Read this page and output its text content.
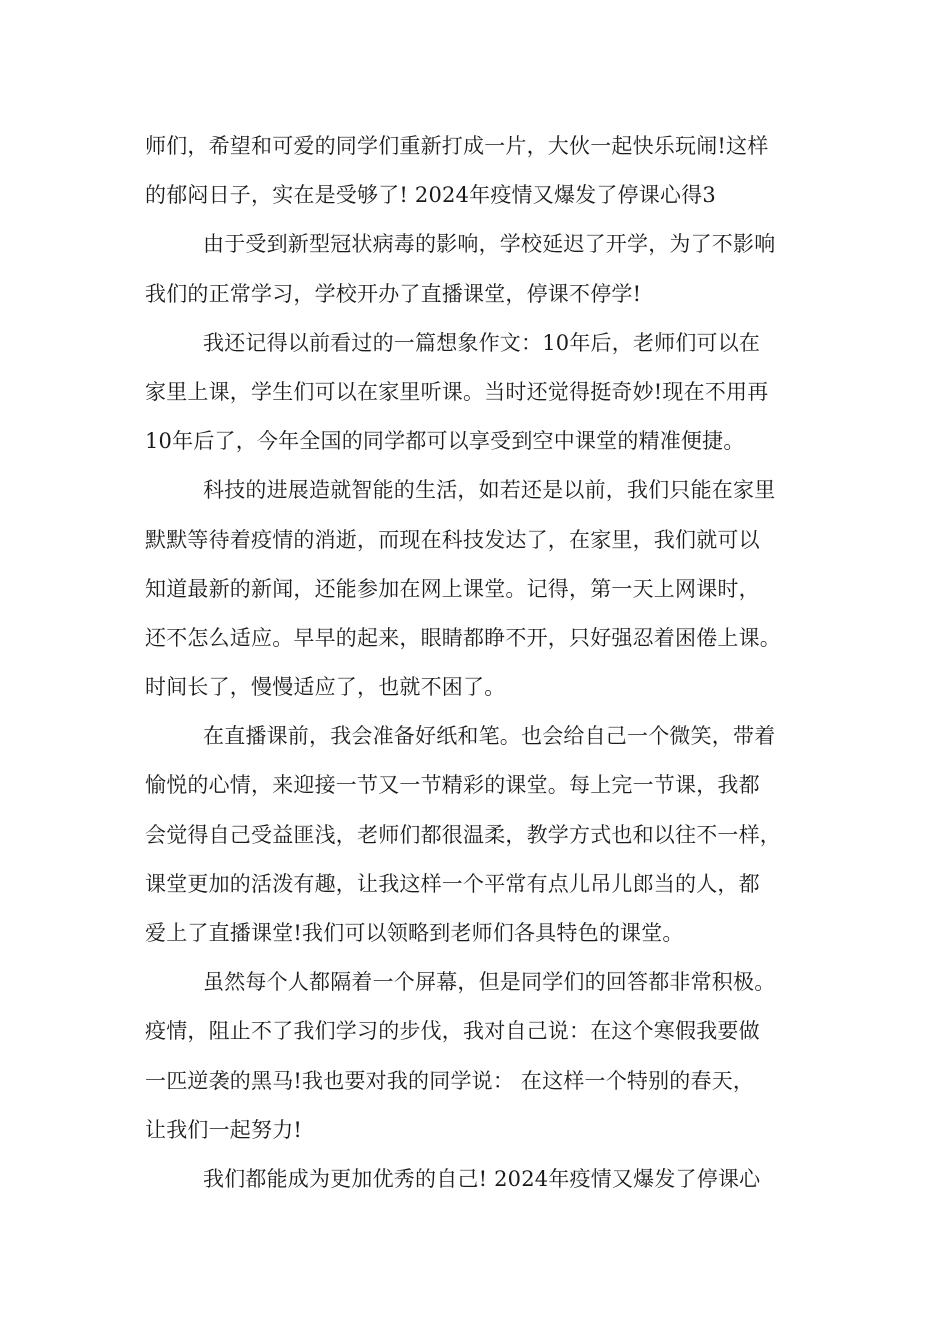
师们，希望和可爱的同学们重新打成一片，大伙一起快乐玩闹!这样
的郁闷日子，实在是受够了! 2024年疫情又爆发了停课心得3
由于受到新型冠状病毒的影响，学校延迟了开学，为了不影响
我们的正常学习，学校开办了直播课堂，停课不停学!
我还记得以前看过的一篇想象作文：10年后，老师们可以在
家里上课，学生们可以在家里听课。当时还觉得挺奇妙!现在不用再
10年后了，今年全国的同学都可以享受到空中课堂的精准便捷。
科技的进展造就智能的生活，如若还是以前，我们只能在家里
默默等待着疫情的消逝，而现在科技发达了，在家里，我们就可以
知道最新的新闻，还能参加在网上课堂。记得，第一天上网课时，
还不怎么适应。早早的起来，眼睛都睁不开，只好强忍着困倦上课。
时间长了，慢慢适应了，也就不困了。
在直播课前，我会准备好纸和笔。也会给自己一个微笑，带着
愉悦的心情，来迎接一节又一节精彩的课堂。每上完一节课，我都
会觉得自己受益匪浅，老师们都很温柔，教学方式也和以往不一样，
课堂更加的活泼有趣，让我这样一个平常有点儿吊儿郎当的人，都
爱上了直播课堂!我们可以领略到老师们各具特色的课堂。
虽然每个人都隔着一个屏幕，但是同学们的回答都非常积极。
疫情，阻止不了我们学习的步伐，我对自己说：在这个寒假我要做
一匹逆袭的黑马!我也要对我的同学说： 在这样一个特别的春天，
让我们一起努力!
我们都能成为更加优秀的自己! 2024年疫情又爆发了停课心
